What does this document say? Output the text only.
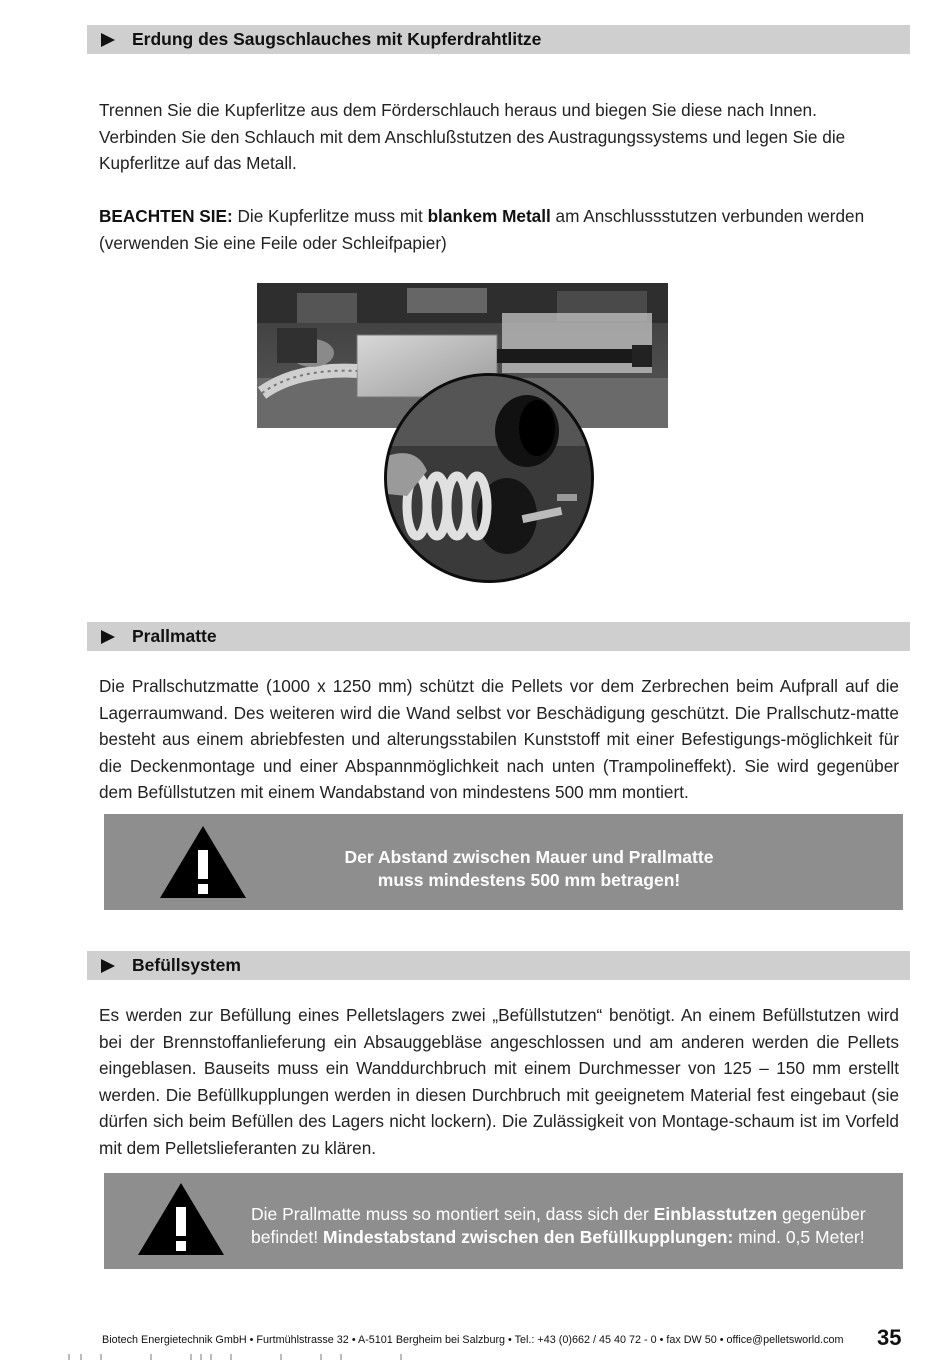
Erdung des Saugschlauches mit Kupferdrahtlitze
Trennen Sie die Kupferlitze aus dem Förderschlauch heraus und biegen Sie diese nach Innen. Verbinden Sie den Schlauch mit dem Anschlußstutzen des Austragungssystems und legen Sie die Kupferlitze auf das Metall.
BEACHTEN SIE: Die Kupferlitze muss mit blankem Metall am Anschlussstutzen verbunden werden (verwenden Sie eine Feile oder Schleifpapier)
Prallmatte
Die Prallschutzmatte (1000 x 1250 mm) schützt die Pellets vor dem Zerbrechen beim Aufprall auf die Lagerraumwand. Des weiteren wird die Wand selbst vor Beschädigung geschützt. Die Prallschutz-matte besteht aus einem abriebfesten und alterungsstabilen Kunststoff mit einer Befestigungs-möglichkeit für die Deckenmontage und einer Abspannmöglichkeit nach unten (Trampolineffekt). Sie wird gegenüber dem Befüllstutzen mit einem Wandabstand von mindestens 500 mm montiert.
Der Abstand zwischen Mauer und Prallmatte
muss mindestens 500 mm betragen!
Befüllsystem
Es werden zur Befüllung eines Pelletslagers zwei „Befüllstutzen“ benötigt. An einem Befüllstutzen wird bei der Brennstoffanlieferung ein Absauggebläse angeschlossen und am anderen werden die Pellets eingeblasen. Bauseits muss ein Wanddurchbruch mit einem Durchmesser von 125 – 150 mm erstellt werden. Die Befüllkupplungen werden in diesen Durchbruch mit geeignetem Material fest eingebaut (sie dürfen sich beim Befüllen des Lagers nicht lockern). Die Zulässigkeit von Montage-schaum ist im Vorfeld mit dem Pelletslieferanten zu klären.
Die Prallmatte muss so montiert sein, dass sich der Einblasstutzen gegenüber befindet! Mindestabstand zwischen den Befüllkupplungen: mind. 0,5 Meter!
Biotech Energietechnik GmbH • Furtmühlstrasse 32 • A-5101 Bergheim bei Salzburg • Tel.: +43 (0)662 / 45 40 72 - 0 • fax DW 50 • office@pelletsworld.com 35
